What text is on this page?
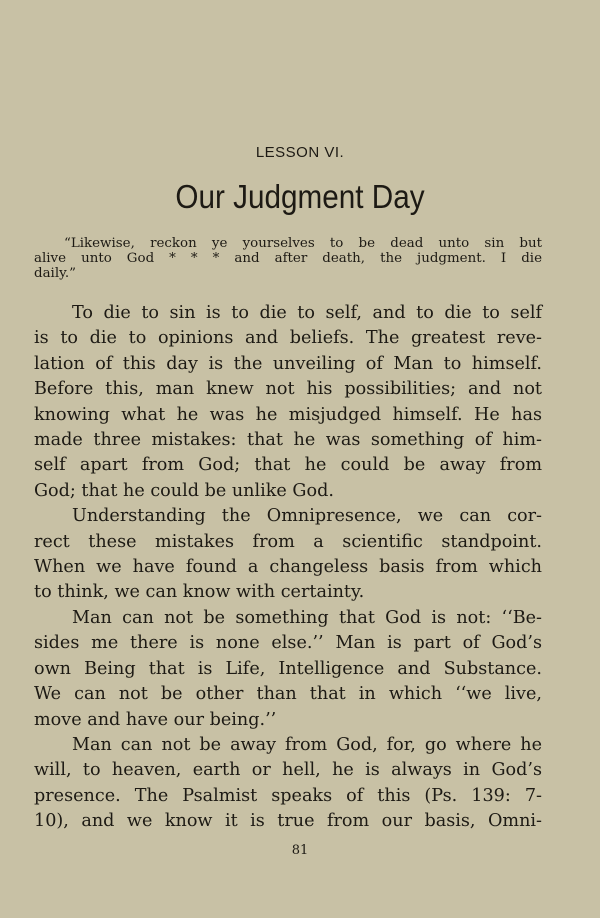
LESSON VI.
Our Judgment Day
“Likewise, reckon ye yourselves to be dead unto sin but
alive unto God * * * and after death, the judgment. I die
daily.”
To die to sin is to die to self, and to die to self
is to die to opinions and beliefs. The greatest reve-
lation of this day is the unveiling of Man to himself.
Before this, man knew not his possibilities; and not
knowing what he was he misjudged himself. He has
made three mistakes: that he was something of him-
self apart from God; that he could be away from
God; that he could be unlike God.
Understanding the Omnipresence, we can cor-
rect these mistakes from a scientific standpoint.
When we have found a changeless basis from which
to think, we can know with certainty.
Man can not be something that God is not: ‘‘Be-
sides me there is none else.’’ Man is part of God’s
own Being that is Life, Intelligence and Substance.
We can not be other than that in which ‘‘we live,
move and have our being.’’
Man can not be away from God, for, go where he
will, to heaven, earth or hell, he is always in God’s
presence. The Psalmist speaks of this (Ps. 139: 7-
10), and we know it is true from our basis, Omni-
81
